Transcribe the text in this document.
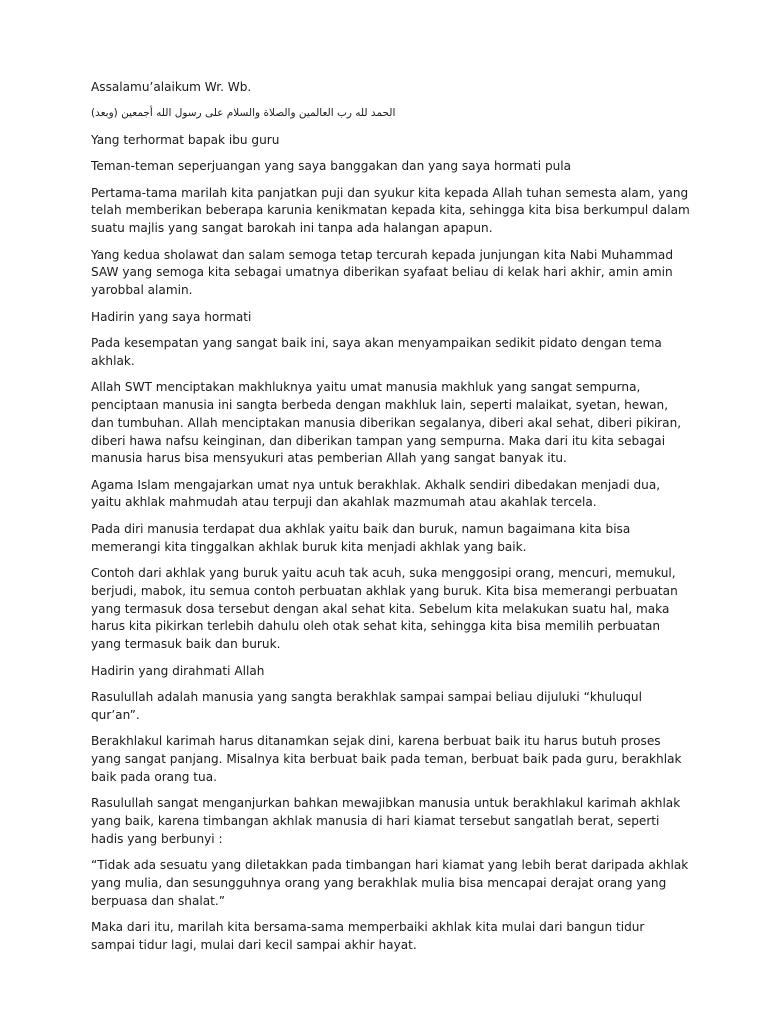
Assalamu’alaikum Wr. Wb.

الحمد لله رب العالمين والصلاة والسلام على رسول الله أجمعين (وبعد)

Yang terhormat bapak ibu guru

Teman-teman seperjuangan yang saya banggakan dan yang saya hormati pula

Pertama-tama marilah kita panjatkan puji dan syukur kita kepada Allah tuhan semesta alam, yang telah memberikan beberapa karunia kenikmatan kepada kita, sehingga kita bisa berkumpul dalam suatu majlis yang sangat barokah ini tanpa ada halangan apapun.

Yang kedua sholawat dan salam semoga tetap tercurah kepada junjungan kita Nabi Muhammad SAW yang semoga kita sebagai umatnya diberikan syafaat beliau di kelak hari akhir, amin amin yarobbal alamin.

Hadirin yang saya hormati

Pada kesempatan yang sangat baik ini, saya akan menyampaikan sedikit pidato dengan tema akhlak.

Allah SWT menciptakan makhluknya yaitu umat manusia makhluk yang sangat sempurna, penciptaan manusia ini sangta berbeda dengan makhluk lain, seperti malaikat, syetan, hewan, dan tumbuhan. Allah menciptakan manusia diberikan segalanya, diberi akal sehat, diberi pikiran, diberi hawa nafsu keinginan, dan diberikan tampan yang sempurna. Maka dari itu kita sebagai manusia harus bisa mensyukuri atas pemberian Allah yang sangat banyak itu.

Agama Islam mengajarkan umat nya untuk berakhlak. Akhalk sendiri dibedakan menjadi dua, yaitu akhlak mahmudah atau terpuji dan akahlak mazmumah atau akahlak tercela.

Pada diri manusia terdapat dua akhlak yaitu baik dan buruk, namun bagaimana kita bisa memerangi kita tinggalkan akhlak buruk kita menjadi akhlak yang baik.

Contoh dari akhlak yang buruk yaitu acuh tak acuh, suka menggosipi orang, mencuri, memukul, berjudi, mabok, itu semua contoh perbuatan akhlak yang buruk. Kita bisa memerangi perbuatan yang termasuk dosa tersebut dengan akal sehat kita. Sebelum kita melakukan suatu hal, maka harus kita pikirkan terlebih dahulu oleh otak sehat kita, sehingga kita bisa memilih perbuatan yang termasuk baik dan buruk.

Hadirin yang dirahmati Allah

Rasulullah adalah manusia yang sangta berakhlak sampai sampai beliau dijuluki “khuluqul qur’an”.

Berakhlakul karimah harus ditanamkan sejak dini, karena berbuat baik itu harus butuh proses yang sangat panjang. Misalnya kita berbuat baik pada teman, berbuat baik pada guru, berakhlak baik pada orang tua.

Rasulullah sangat menganjurkan bahkan mewajibkan manusia untuk berakhlakul karimah akhlak yang baik, karena timbangan akhlak manusia di hari kiamat tersebut sangatlah berat, seperti hadis yang berbunyi :

“Tidak ada sesuatu yang diletakkan pada timbangan hari kiamat yang lebih berat daripada akhlak yang mulia, dan sesungguhnya orang yang berakhlak mulia bisa mencapai derajat orang yang berpuasa dan shalat.”

Maka dari itu, marilah kita bersama-sama memperbaiki akhlak kita mulai dari bangun tidur sampai tidur lagi, mulai dari kecil sampai akhir hayat.
